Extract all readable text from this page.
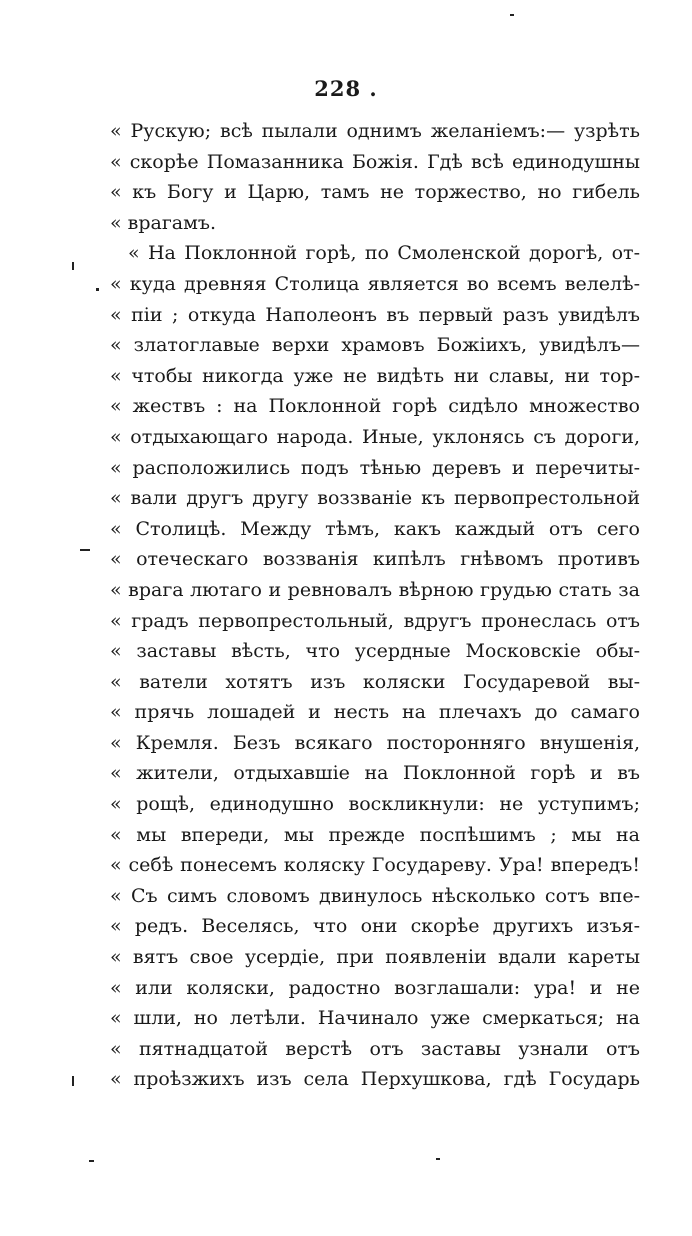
228 .
« Рускую; всѣ пылали однимъ желаніемъ:— узрѣть
« скорѣе Помазанника Божія. Гдѣ всѣ единодушны
« къ Богу и Царю, тамъ не торжество, но гибель
« врагамъ.
« На Поклонной горѣ, по Смоленской дорогѣ, от-
« куда древняя Столица является во всемъ велелѣ-
« піи ; откуда Наполеонъ въ первый разъ увидѣлъ
« златоглавые верхи храмовъ Божіихъ, увидѣлъ—
« чтобы никогда уже не видѣть ни славы, ни тор-
« жествъ : на Поклонной горѣ сидѣло множество
« отдыхающаго народа. Иные, уклонясь съ дороги,
« расположились подъ тѣнью деревъ и перечиты-
« вали другъ другу воззваніе къ первопрестольной
« Столицѣ. Между тѣмъ, какъ каждый отъ сего
« отеческаго воззванія кипѣлъ гнѣвомъ противъ
« врага лютаго и ревновалъ вѣрною грудью стать за
« градъ первопрестольный, вдругъ пронеслась отъ
« заставы вѣсть, что усердные Московскіе обы-
« ватели хотятъ изъ коляски Государевой вы-
« прячь лошадей и несть на плечахъ до самаго
« Кремля. Безъ всякаго посторонняго внушенія,
« жители, отдыхавшіе на Поклонной горѣ и въ
« рощѣ, единодушно воскликнули: не уступимъ;
« мы впереди, мы прежде поспѣшимъ ; мы на
« себѣ понесемъ коляску Государеву. Ура! впередъ!
« Съ симъ словомъ двинулось нѣсколько сотъ впе-
« редъ. Веселясь, что они скорѣе другихъ изъя-
« вятъ свое усердіе, при появленіи вдали кареты
« или коляски, радостно возглашали: ура! и не
« шли, но летѣли. Начинало уже смеркаться; на
« пятнадцатой верстѣ отъ заставы узнали отъ
« проѣзжихъ изъ села Перхушкова, гдѣ Государь
